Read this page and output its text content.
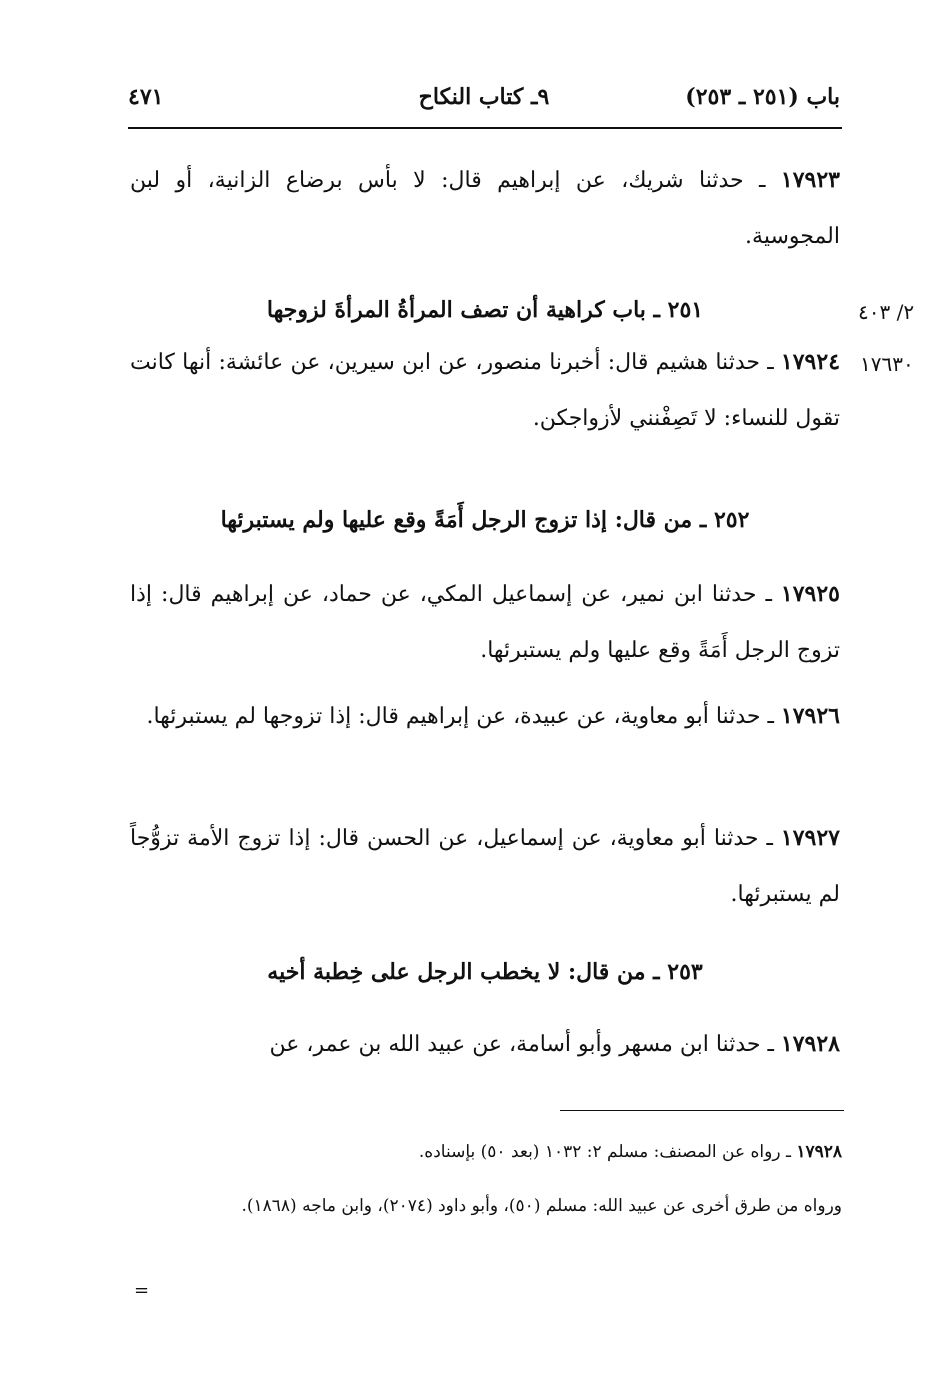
باب (٢٥١ ـ ٢٥٣)
٩ـ كتاب النكاح
٤٧١
١٧٩٢٣ ـ حدثنا شريك، عن إبراهيم قال: لا بأس برضاع الزانية، أو لبن المجوسية.
٢٥١ ـ باب كراهية أن تصف المرأةُ المرأةَ لزوجها	٢/ ٤٠٣
١٧٦٣٠
١٧٩٢٤ ـ حدثنا هشيم قال: أخبرنا منصور، عن ابن سيرين، عن عائشة: أنها كانت تقول للنساء: لا تَصِفْنني لأزواجكن.
٢٥٢ ـ من قال: إذا تزوج الرجل أَمَةً وقع عليها ولم يستبرئها
١٧٩٢٥ ـ حدثنا ابن نمير، عن إسماعيل المكي، عن حماد، عن إبراهيم قال: إذا تزوج الرجل أَمَةً وقع عليها ولم يستبرئها.
١٧٩٢٦ ـ حدثنا أبو معاوية، عن عبيدة، عن إبراهيم قال: إذا تزوجها لم يستبرئها.
١٧٩٢٧ ـ حدثنا أبو معاوية، عن إسماعيل، عن الحسن قال: إذا تزوج الأمة تزوُّجاً لم يستبرئها.
٢٥٣ ـ من قال: لا يخطب الرجل على خِطبة أخيه
١٧٩٢٨ ـ حدثنا ابن مسهر وأبو أسامة، عن عبيد الله بن عمر، عن
١٧٩٢٨ ـ رواه عن المصنف: مسلم ٢: ١٠٣٢ (بعد ٥٠) بإسناده.
ورواه من طرق أخرى عن عبيد الله: مسلم (٥٠)، وأبو داود (٢٠٧٤)، وابن ماجه (١٨٦٨).
=
